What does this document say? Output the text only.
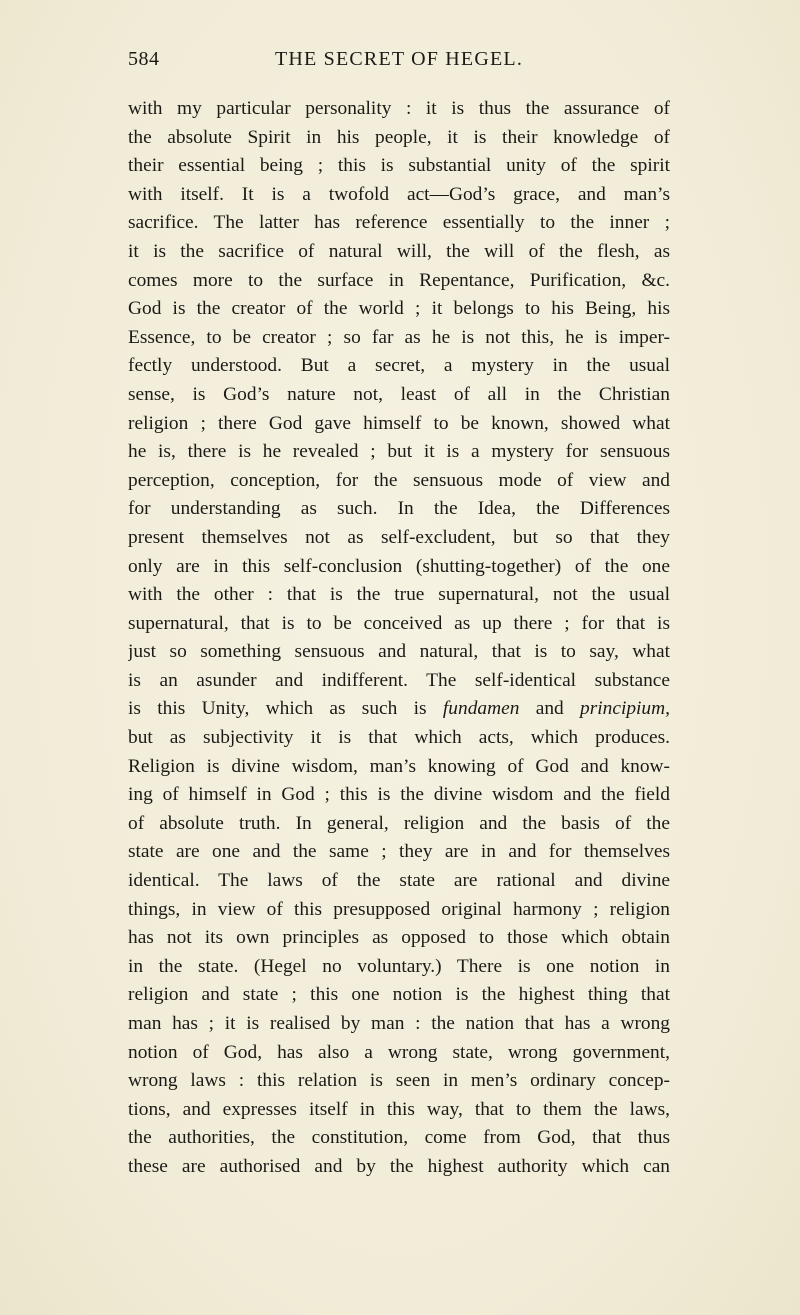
584	THE SECRET OF HEGEL.
with my particular personality : it is thus the assurance of
the absolute Spirit in his people, it is their knowledge of
their essential being ; this is substantial unity of the spirit
with itself. It is a twofold act—God’s grace, and man’s
sacrifice. The latter has reference essentially to the inner ;
it is the sacrifice of natural will, the will of the flesh, as
comes more to the surface in Repentance, Purification, &c.
God is the creator of the world ; it belongs to his Being, his
Essence, to be creator ; so far as he is not this, he is imper-
fectly understood. But a secret, a mystery in the usual
sense, is God’s nature not, least of all in the Christian
religion ; there God gave himself to be known, showed what
he is, there is he revealed ; but it is a mystery for sensuous
perception, conception, for the sensuous mode of view and
for understanding as such. In the Idea, the Differences
present themselves not as self-excludent, but so that they
only are in this self-conclusion (shutting-together) of the one
with the other : that is the true supernatural, not the usual
supernatural, that is to be conceived as up there ; for that is
just so something sensuous and natural, that is to say, what
is an asunder and indifferent. The self-identical substance
is this Unity, which as such is fundamen and principium,
but as subjectivity it is that which acts, which produces.
Religion is divine wisdom, man’s knowing of God and know-
ing of himself in God ; this is the divine wisdom and the field
of absolute truth. In general, religion and the basis of the
state are one and the same ; they are in and for themselves
identical. The laws of the state are rational and divine
things, in view of this presupposed original harmony ; religion
has not its own principles as opposed to those which obtain
in the state. (Hegel no voluntary.) There is one notion in
religion and state ; this one notion is the highest thing that
man has ; it is realised by man : the nation that has a wrong
notion of God, has also a wrong state, wrong government,
wrong laws : this relation is seen in men’s ordinary concep-
tions, and expresses itself in this way, that to them the laws,
the authorities, the constitution, come from God, that thus
these are authorised and by the highest authority which can
